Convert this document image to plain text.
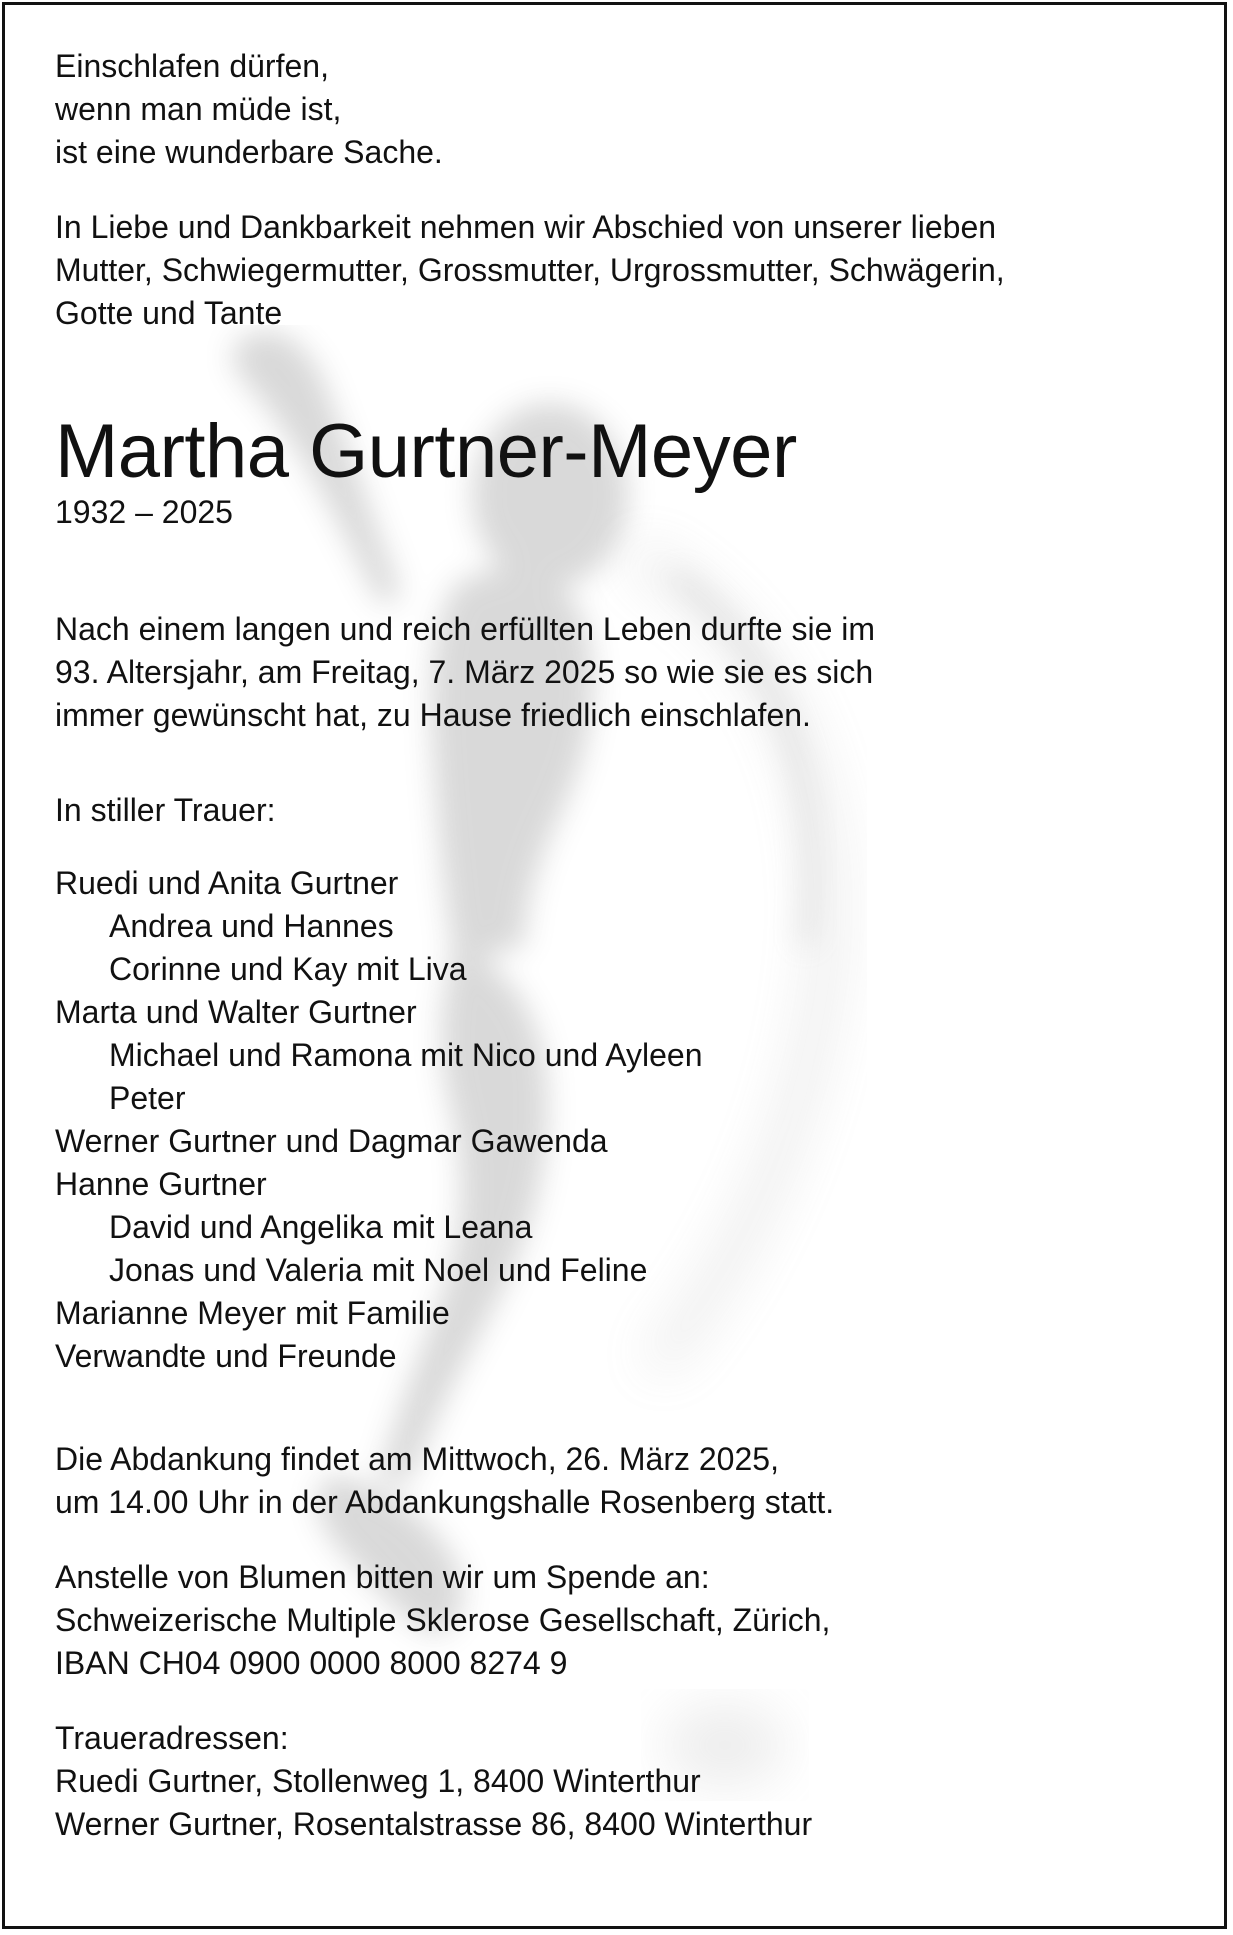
Einschlafen dürfen,
wenn man müde ist,
ist eine wunderbare Sache.
In Liebe und Dankbarkeit nehmen wir Abschied von unserer lieben
Mutter, Schwiegermutter, Grossmutter, Urgrossmutter, Schwägerin,
Gotte und Tante
Martha Gurtner-Meyer
1932 – 2025
Nach einem langen und reich erfüllten Leben durfte sie im
93. Altersjahr, am Freitag, 7. März 2025 so wie sie es sich
immer gewünscht hat, zu Hause friedlich einschlafen.
In stiller Trauer:
Ruedi und Anita Gurtner
Andrea und Hannes
Corinne und Kay mit Liva
Marta und Walter Gurtner
Michael und Ramona mit Nico und Ayleen
Peter
Werner Gurtner und Dagmar Gawenda
Hanne Gurtner
David und Angelika mit Leana
Jonas und Valeria mit Noel und Feline
Marianne Meyer mit Familie
Verwandte und Freunde
Die Abdankung findet am Mittwoch, 26. März 2025,
um 14.00 Uhr in der Abdankungshalle Rosenberg statt.
Anstelle von Blumen bitten wir um Spende an:
Schweizerische Multiple Sklerose Gesellschaft, Zürich,
IBAN CH04 0900 0000 8000 8274 9
Traueradressen:
Ruedi Gurtner, Stollenweg 1, 8400 Winterthur
Werner Gurtner, Rosentalstrasse 86, 8400 Winterthur
